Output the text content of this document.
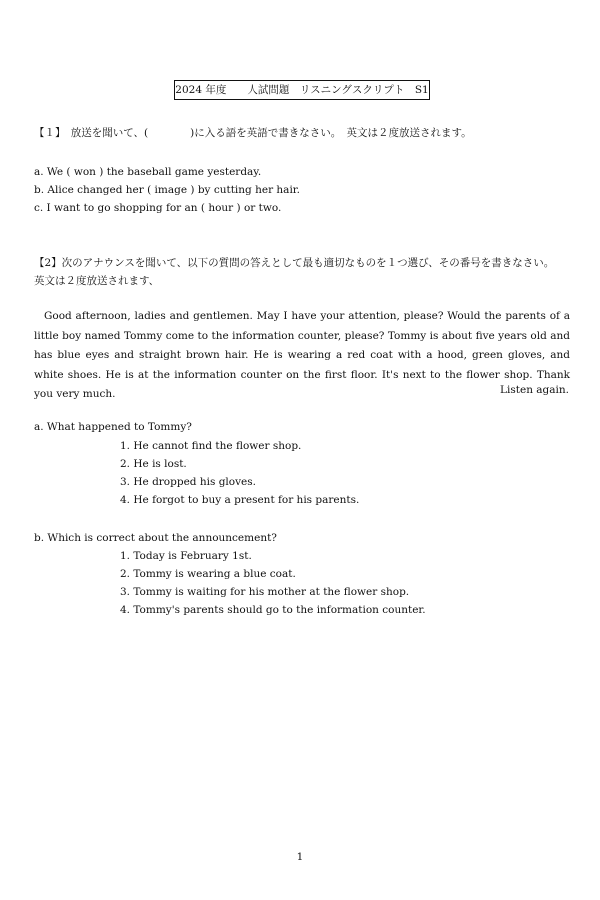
2024 年度　　人試問題　リスニングスクリプト　S1
【１】　放送を聞いて、(　　　　)に入る語を英語で書きなさい。　英文は２度放送されます。
a. We ( won ) the baseball game yesterday.
b. Alice changed her ( image ) by cutting her hair.
c. I want to go shopping for an ( hour ) or two.
【2】次のアナウンスを聞いて、以下の質問の答えとして最も適切なものを１つ選び、その番号を書きなさい。
英文は２度放送されます、

Good afternoon, ladies and gentlemen. May I have your attention, please? Would the parents of a little boy named Tommy come to the information counter, please? Tommy is about five years old and has blue eyes and straight brown hair. He is wearing a red coat with a hood, green gloves, and white shoes. He is at the information counter on the first floor. It's next to the flower shop. Thank you very much.	Listen again.
a. What happened to Tommy?
1. He cannot find the flower shop.
2. He is lost.
3. He dropped his gloves.
4. He forgot to buy a present for his parents.
b. Which is correct about the announcement?
1. Today is February 1st.
2. Tommy is wearing a blue coat.
3. Tommy is waiting for his mother at the flower shop.
4. Tommy's parents should go to the information counter.
1
